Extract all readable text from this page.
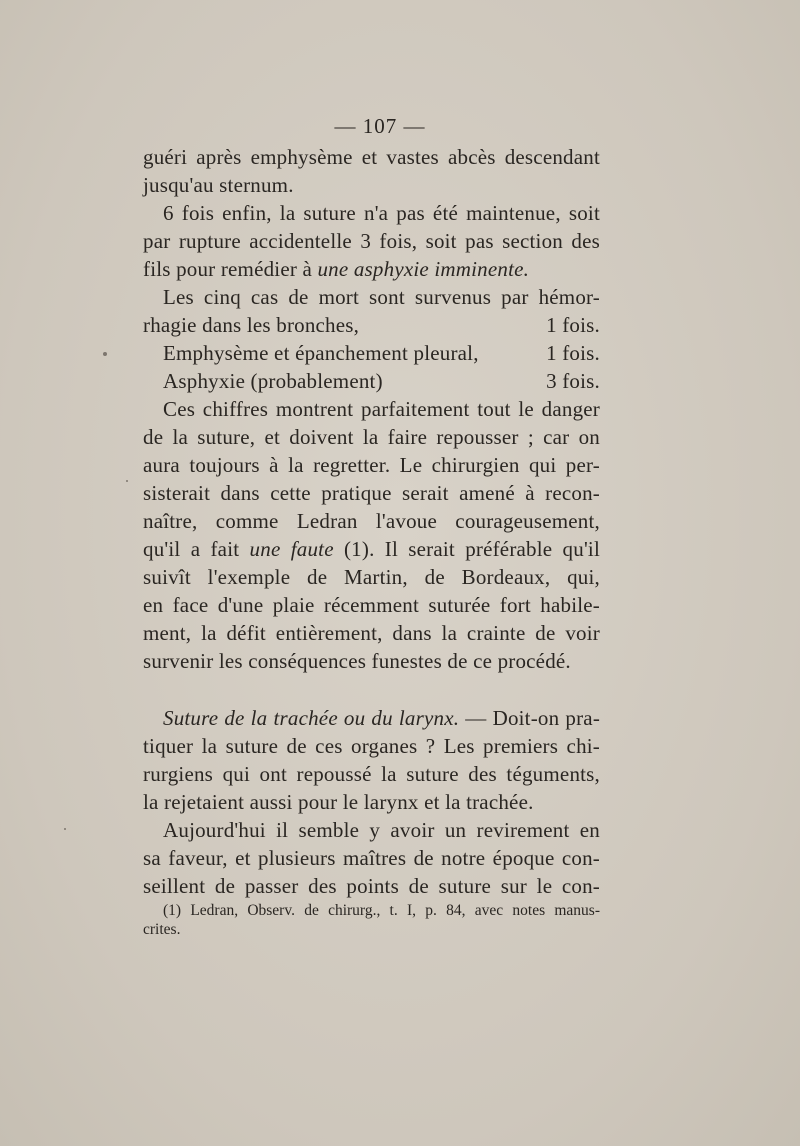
— 107 —
guéri après emphysème et vastes abcès descendant
jusqu'au sternum.
6 fois enfin, la suture n'a pas été maintenue, soit
par rupture accidentelle 3 fois, soit pas section des
fils pour remédier à une asphyxie imminente.
Les cinq cas de mort sont survenus par hémor-
rhagie dans les bronches,	1 fois.
Emphysème et épanchement pleural,	1 fois.
Asphyxie (probablement)	3 fois.
Ces chiffres montrent parfaitement tout le danger
de la suture, et doivent la faire repousser ; car on
aura toujours à la regretter. Le chirurgien qui per-
sisterait dans cette pratique serait amené à recon-
naître, comme Ledran l'avoue courageusement,
qu'il a fait une faute (1). Il serait préférable qu'il
suivît l'exemple de Martin, de Bordeaux, qui,
en face d'une plaie récemment suturée fort habile-
ment, la défit entièrement, dans la crainte de voir
survenir les conséquences funestes de ce procédé.
Suture de la trachée ou du larynx. — Doit-on pra-
tiquer la suture de ces organes ? Les premiers chi-
rurgiens qui ont repoussé la suture des téguments,
la rejetaient aussi pour le larynx et la trachée.
Aujourd'hui il semble y avoir un revirement en
sa faveur, et plusieurs maîtres de notre époque con-
seillent de passer des points de suture sur le con-
(1) Ledran, Observ. de chirurg., t. I, p. 84, avec notes manus-
crites.
